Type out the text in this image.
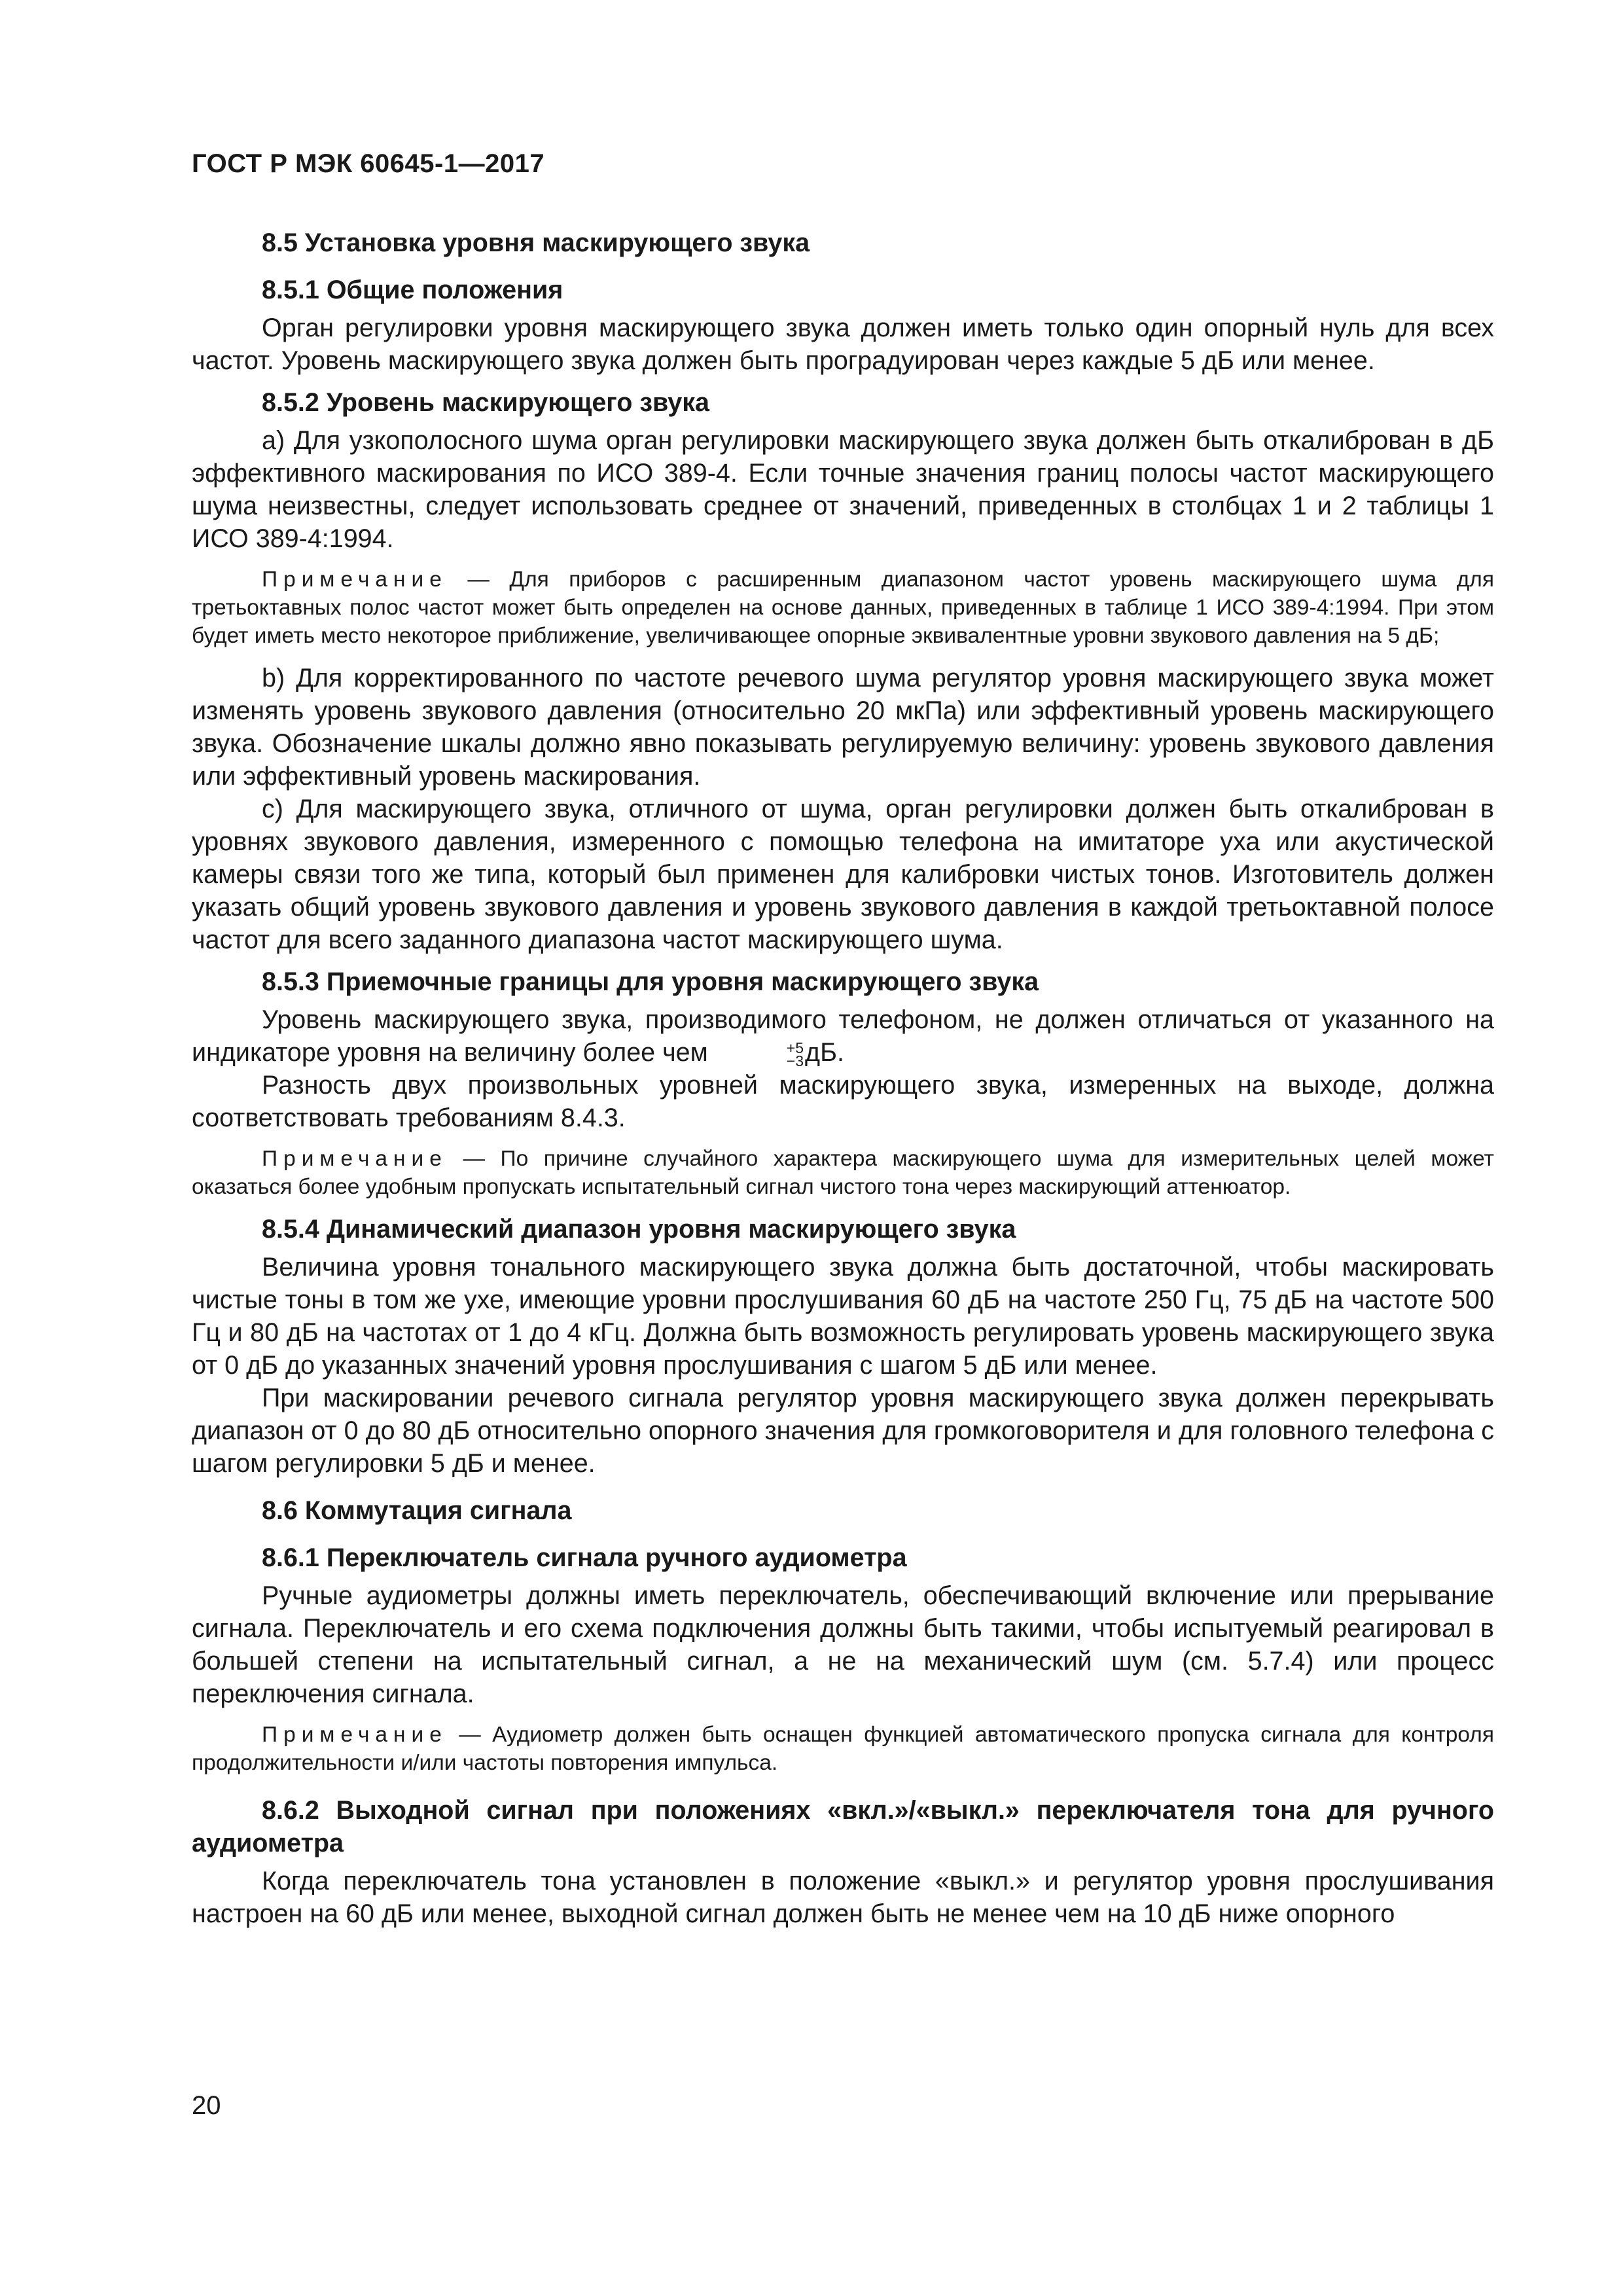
ГОСТ Р МЭК 60645-1—2017
8.5 Установка уровня маскирующего звука
8.5.1 Общие положения

Орган регулировки уровня маскирующего звука должен иметь только один опорный нуль для всех частот. Уровень маскирующего звука должен быть проградуирован через каждые 5 дБ или менее.

8.5.2 Уровень маскирующего звука

а) Для узкополосного шума орган регулировки маскирующего звука должен быть откалиброван в дБ эффективного маскирования по ИСО 389-4. Если точные значения границ полосы частот маскирующего шума неизвестны, следует использовать среднее от значений, приведенных в столбцах 1 и 2 таблицы 1 ИСО 389-4:1994.

Примечание — Для приборов с расширенным диапазоном частот уровень маскирующего шума для третьоктавных полос частот может быть определен на основе данных, приведенных в таблице 1 ИСО 389-4:1994. При этом будет иметь место некоторое приближение, увеличивающее опорные эквивалентные уровни звукового давления на 5 дБ;

b) Для корректированного по частоте речевого шума регулятор уровня маскирующего звука может изменять уровень звукового давления (относительно 20 мкПа) или эффективный уровень маскирующего звука. Обозначение шкалы должно явно показывать регулируемую величину: уровень звукового давления или эффективный уровень маскирования.

с) Для маскирующего звука, отличного от шума, орган регулировки должен быть откалиброван в уровнях звукового давления, измеренного с помощью телефона на имитаторе уха или акустической камеры связи того же типа, который был применен для калибровки чистых тонов. Изготовитель должен указать общий уровень звукового давления и уровень звукового давления в каждой третьоктавной полосе частот для всего заданного диапазона частот маскирующего шума.

8.5.3 Приемочные границы для уровня маскирующего звука

Уровень маскирующего звука, производимого телефоном, не должен отличаться от указанного на индикаторе уровня на величину более чем	+5
−3 дБ.

Разность двух произвольных уровней маскирующего звука, измеренных на выходе, должна соответствовать требованиям 8.4.3.

Примечание — По причине случайного характера маскирующего шума для измерительных целей может оказаться более удобным пропускать испытательный сигнал чистого тона через маскирующий аттенюатор.

8.5.4 Динамический диапазон уровня маскирующего звука

Величина уровня тонального маскирующего звука должна быть достаточной, чтобы маскировать чистые тоны в том же ухе, имеющие уровни прослушивания 60 дБ на частоте 250 Гц, 75 дБ на частоте 500 Гц и 80 дБ на частотах от 1 до 4 кГц. Должна быть возможность регулировать уровень маскирующего звука от 0 дБ до указанных значений уровня прослушивания с шагом 5 дБ или менее.

При маскировании речевого сигнала регулятор уровня маскирующего звука должен перекрывать диапазон от 0 до 80 дБ относительно опорного значения для громкоговорителя и для головного телефона с шагом регулировки 5 дБ и менее.

8.6 Коммутация сигнала
8.6.1 Переключатель сигнала ручного аудиометра

Ручные аудиометры должны иметь переключатель, обеспечивающий включение или прерывание сигнала. Переключатель и его схема подключения должны быть такими, чтобы испытуемый реагировал в большей степени на испытательный сигнал, а не на механический шум (см. 5.7.4) или процесс переключения сигнала.

Примечание — Аудиометр должен быть оснащен функцией автоматического пропуска сигнала для контроля продолжительности и/или частоты повторения импульса.

8.6.2 Выходной сигнал при положениях «вкл.»/«выкл.» переключателя тона для ручного аудиометра

Когда переключатель тона установлен в положение «выкл.» и регулятор уровня прослушивания настроен на 60 дБ или менее, выходной сигнал должен быть не менее чем на 10 дБ ниже опорного

20
